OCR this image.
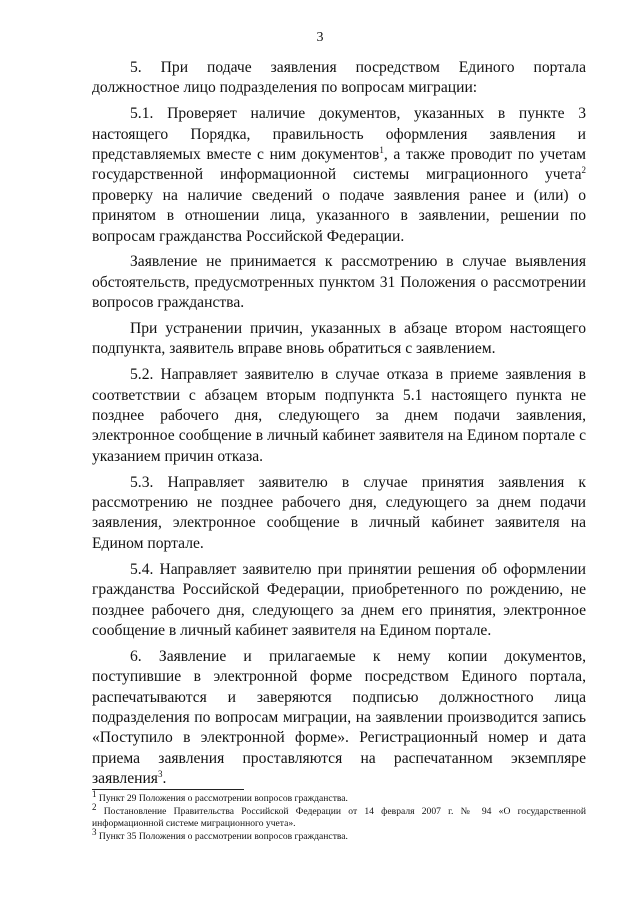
3

5. При подаче заявления посредством Единого портала должностное лицо подразделения по вопросам миграции:

5.1. Проверяет наличие документов, указанных в пункте 3 настоящего Порядка, правильность оформления заявления и представляемых вместе с ним документов$^1$, а также проводит по учетам государственной информационной системы миграционного учета$^2$ проверку на наличие сведений о подаче заявления ранее и (или) о принятом в отношении лица, указанного в заявлении, решении по вопросам гражданства Российской Федерации.

Заявление не принимается к рассмотрению в случае выявления обстоятельств, предусмотренных пунктом 31 Положения о рассмотрении вопросов гражданства.

При устранении причин, указанных в абзаце втором настоящего подпункта, заявитель вправе вновь обратиться с заявлением.

5.2. Направляет заявителю в случае отказа в приеме заявления в соответствии с абзацем вторым подпункта 5.1 настоящего пункта не позднее рабочего дня, следующего за днем подачи заявления, электронное сообщение в личный кабинет заявителя на Едином портале с указанием причин отказа.

5.3. Направляет заявителю в случае принятия заявления к рассмотрению не позднее рабочего дня, следующего за днем подачи заявления, электронное сообщение в личный кабинет заявителя на Едином портале.

5.4. Направляет заявителю при принятии решения об оформлении гражданства Российской Федерации, приобретенного по рождению, не позднее рабочего дня, следующего за днем его принятия, электронное сообщение в личный кабинет заявителя на Едином портале.

6. Заявление и прилагаемые к нему копии документов, поступившие в электронной форме посредством Единого портала, распечатываются и заверяются подписью должностного лица подразделения по вопросам миграции, на заявлении производится запись «Поступило в электронной форме». Регистрационный номер и дата приема заявления проставляются на распечатанном экземпляре заявления$^3$.

$^1$ Пункт 29 Положения о рассмотрении вопросов гражданства.

$^2$ Постановление Правительства Российской Федерации от 14 февраля 2007 г. № 94 «О государственной информационной системе миграционного учета».

$^3$ Пункт 35 Положения о рассмотрении вопросов гражданства.
